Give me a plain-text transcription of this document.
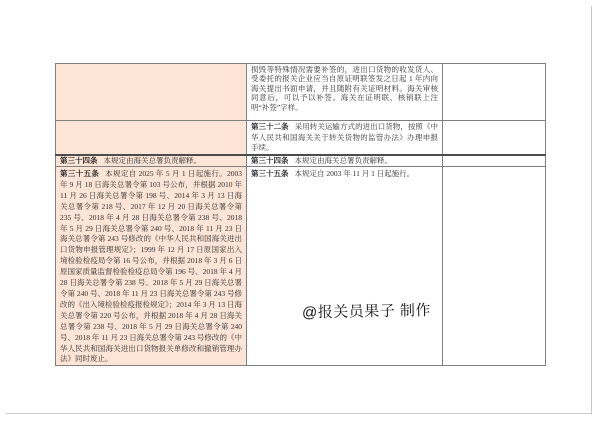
	损毁等特殊情况需要补签的，进出口货物的收发货人、受委托的报关企业应当自原证明联签发之日起 1 年内向海关提出书面申请，并且随附有关证明材料。海关审核同意后，可以予以补签。海关在证明联、核销联上注明“补签”字样。	
	第三十二条 采用转关运输方式的进出口货物，按照《中华人民共和国海关关于转关货物的监管办法》办理申报手续。	
第三十四条 本规定由海关总署负责解释。	第三十四条 本规定由海关总署负责解释。	
第三十五条 本规定自 2025 年 5 月 1 日起施行。2003 年 9 月 18 日海关总署令第 103 号公布，并根据 2010 年 11 月 26 日海关总署令第 198 号、2014 年 3 月 13 日海关总署令第 218 号、2017 年 12 月 20 日海关总署令第 235 号、2018 年 4 月 28 日海关总署令第 238 号、2018 年 5 月 29 日海关总署令第 240 号、2018 年 11 月 23 日海关总署令第 243 号修改的《中华人民共和国海关进出口货物申报管理规定》；1999 年 12 月 17 日原国家出入境检验检疫局令第 16 号公布，并根据 2018 年 3 月 6 日原国家质量监督检验检疫总局令第 196 号、2018 年 4 月 28 日海关总署令第 238 号、2018 年 5 月 29 日海关总署令第 240 号、2018 年 11 月 23 日海关总署令第 243 号修改的《出入境检验检疫报检规定》；2014 年 3 月 13 日海关总署令第 220 号公布，并根据 2018 年 4 月 28 日海关总署令第 238 号、2018 年 5 月 29 日海关总署令第 240 号、2018 年 11 月 23 日海关总署令第 243 号修改的《中华人民共和国海关进出口货物报关单修改和撤销管理办法》同时废止。	第三十五条 本规定自 2003 年 11 月 1 日起施行。	
@报关员果子 制作
